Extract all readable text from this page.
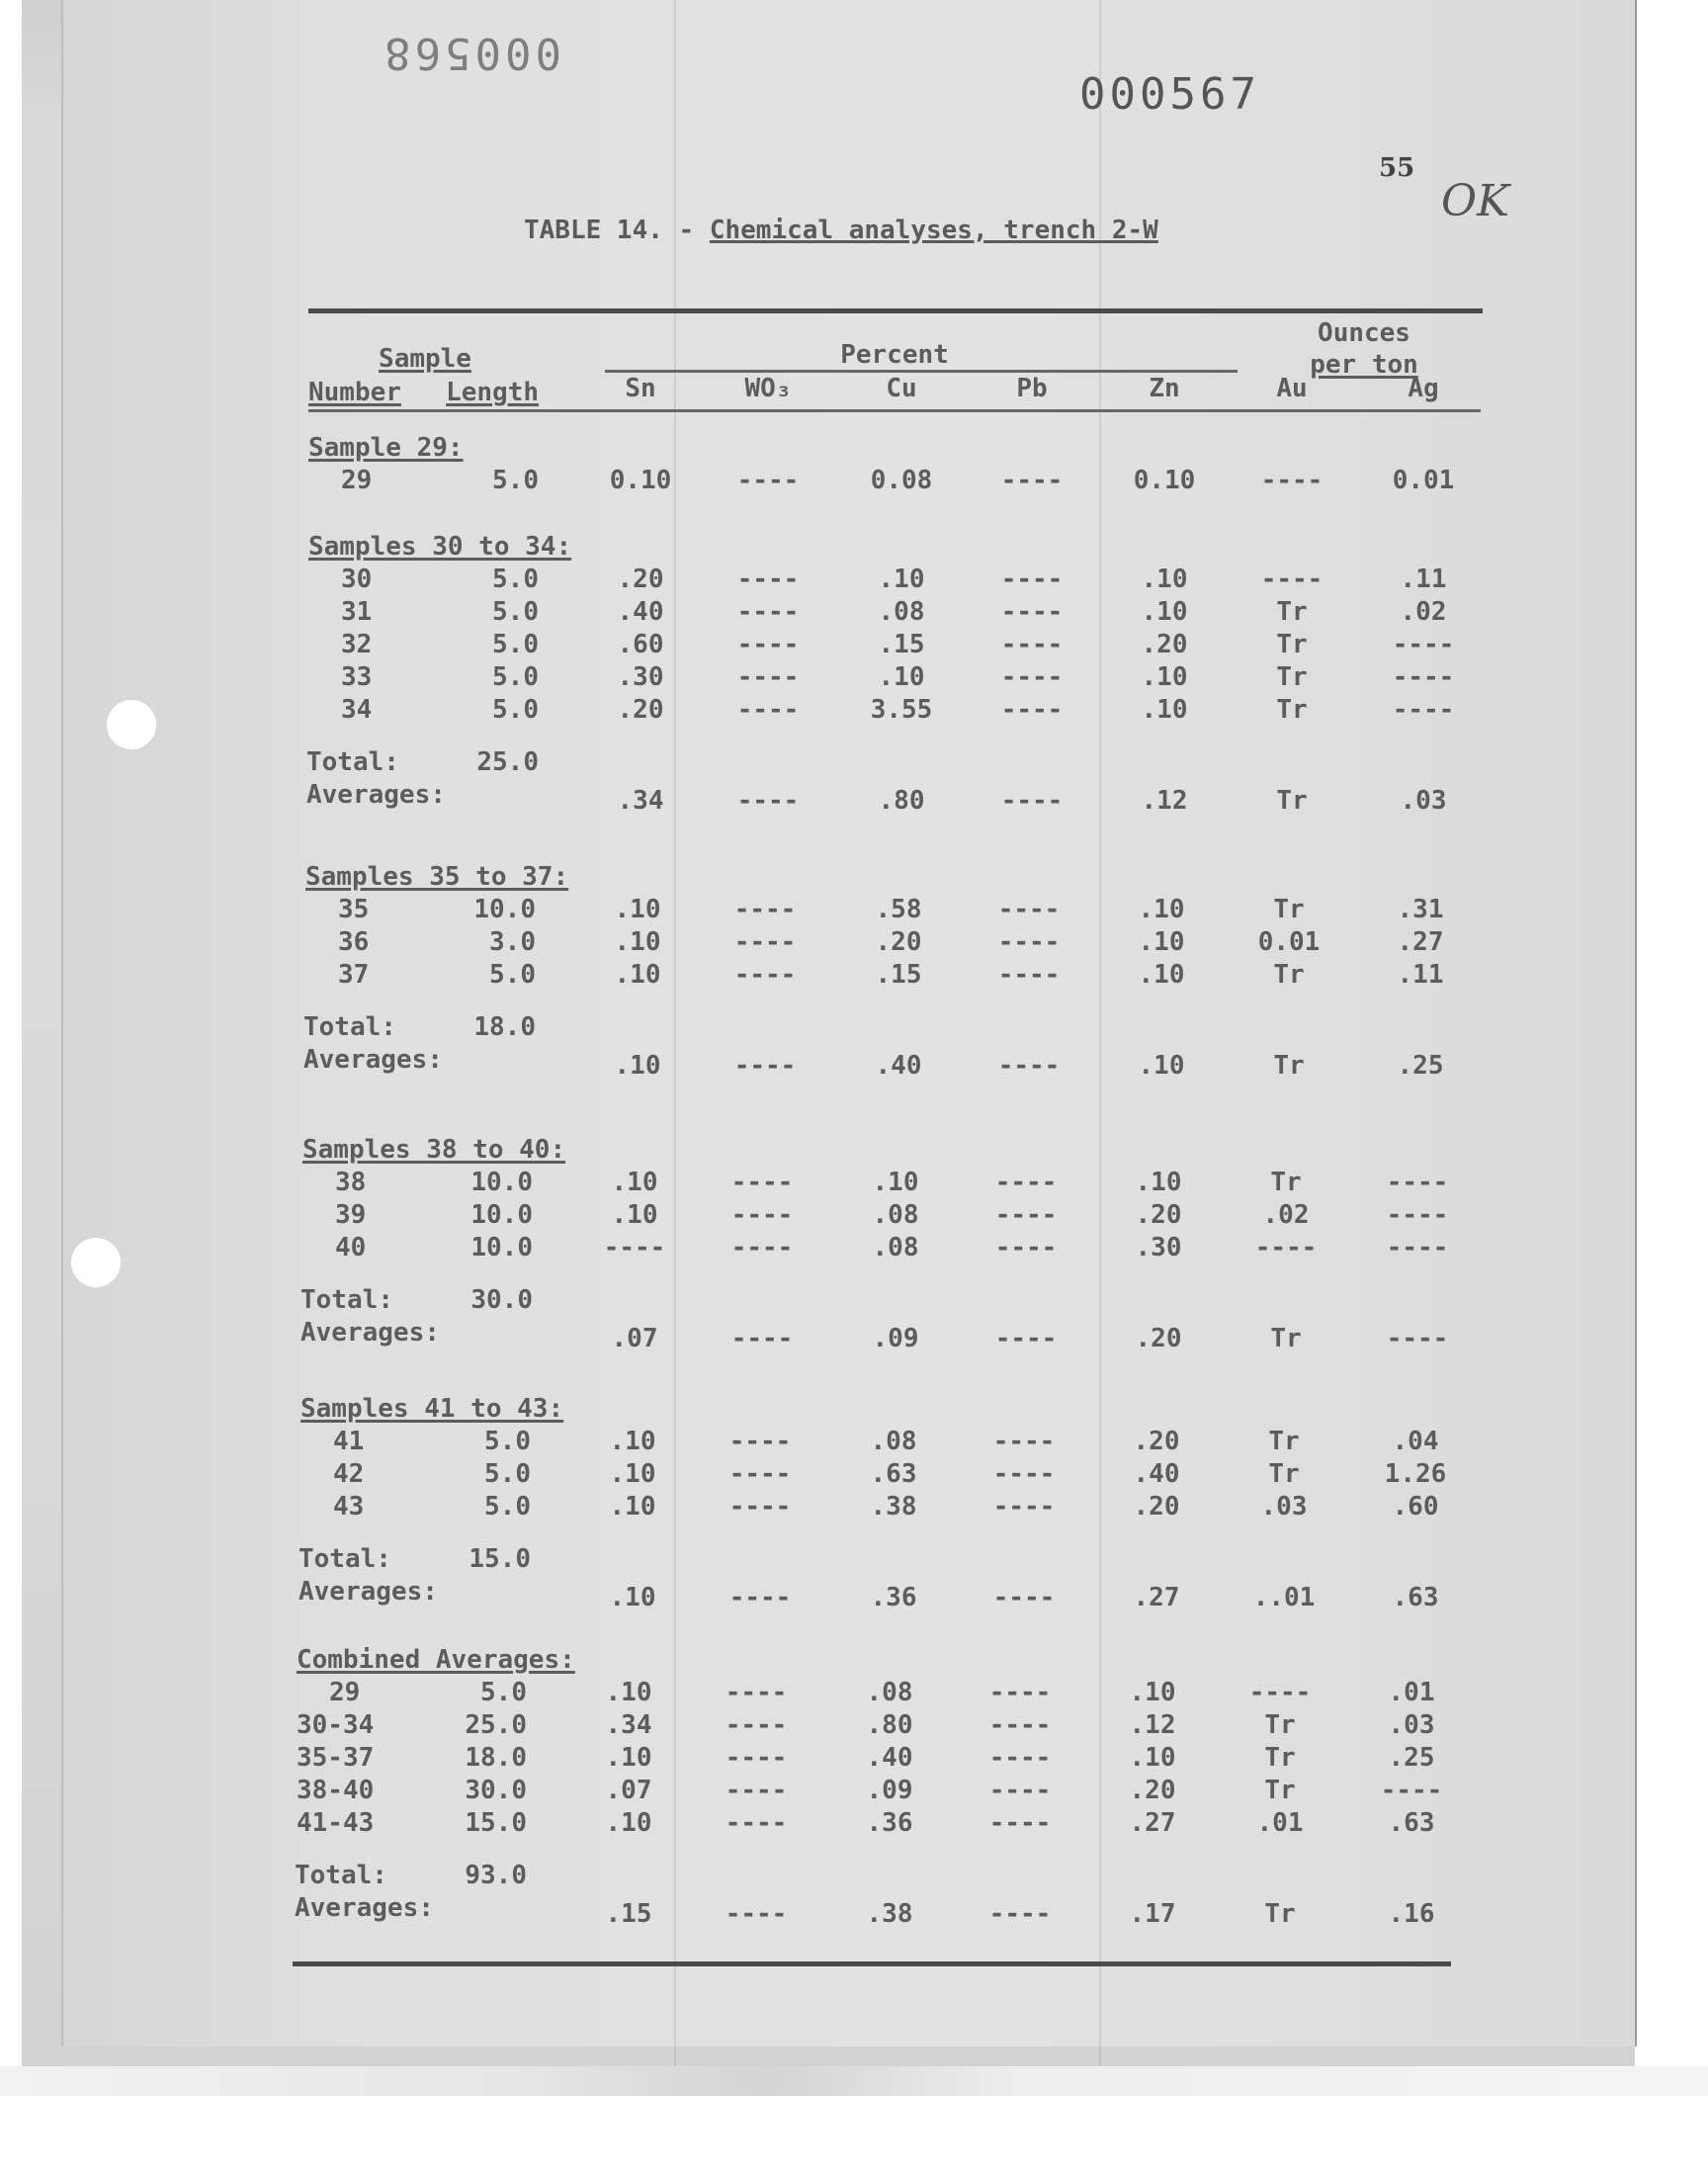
000568
000567
55
OK
TABLE 14. - Chemical analyses, trench 2-W
Sample	Percent
Ounces
per ton
Number Length	Sn	WO₃	Cu	Pb	Zn	Au	Ag
Sample 29:
29	5.0	0.10	----	0.08	----	0.10	----	0.01
Samples 30 to 34:
30	5.0	.20	----	.10	----	.10	----	.11
31	5.0	.40	----	.08	----	.10	Tr	.02
32	5.0	.60	----	.15	----	.20	Tr	----
33	5.0	.30	----	.10	----	.10	Tr	----
34	5.0	.20	----	3.55	----	.10	Tr	----
Total:	25.0
Averages:	.34	----	.80	----	.12	Tr	.03
Samples 35 to 37:
35	10.0	.10	----	.58	----	.10	Tr	.31
36	3.0	.10	----	.20	----	.10	0.01	.27
37	5.0	.10	----	.15	----	.10	Tr	.11
Total:	18.0
Averages:	.10	----	.40	----	.10	Tr	.25
Samples 38 to 40:
38	10.0	.10	----	.10	----	.10	Tr	----
39	10.0	.10	----	.08	----	.20	.02	----
40	10.0	----	----	.08	----	.30	----	----
Total:	30.0
Averages:	.07	----	.09	----	.20	Tr	----
Samples 41 to 43:
41	5.0	.10	----	.08	----	.20	Tr	.04
42	5.0	.10	----	.63	----	.40	Tr	1.26
43	5.0	.10	----	.38	----	.20	.03	.60
Total:	15.0
Averages:	.10	----	.36	----	.27	..01	.63
Combined Averages:
29	5.0	.10	----	.08	----	.10	----	.01
30-34	25.0	.34	----	.80	----	.12	Tr	.03
35-37	18.0	.10	----	.40	----	.10	Tr	.25
38-40	30.0	.07	----	.09	----	.20	Tr	----
41-43	15.0	.10	----	.36	----	.27	.01	.63
Total:	93.0
Averages:	.15	----	.38	----	.17	Tr	.16
